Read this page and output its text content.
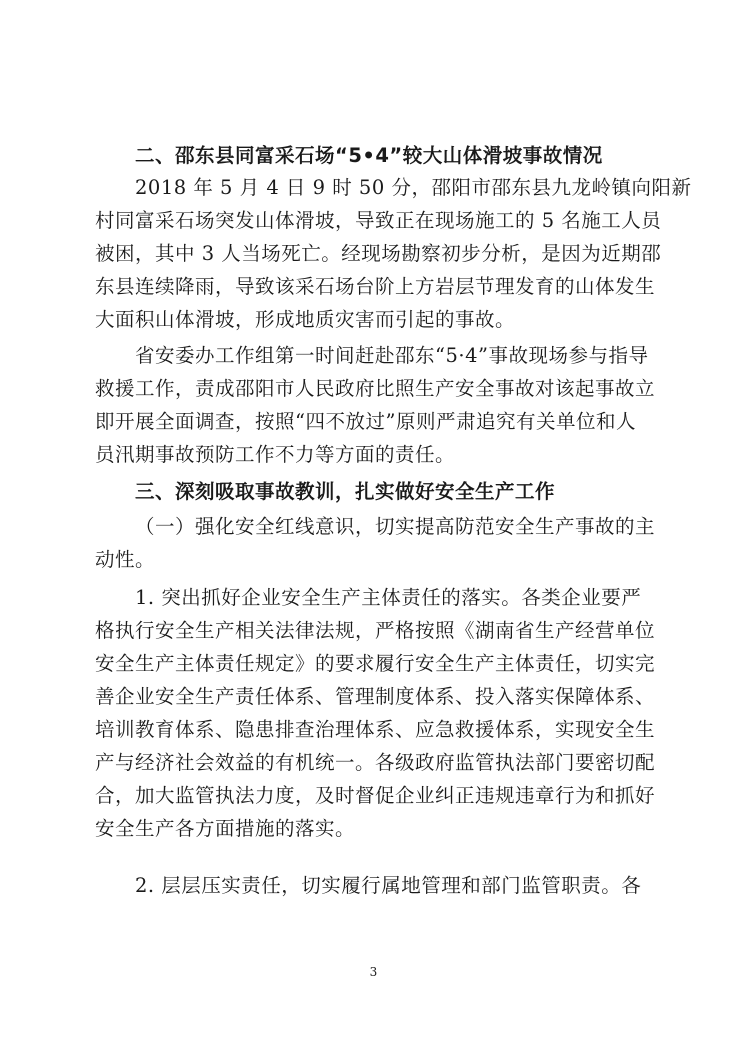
二、邵东县同富采石场“5•4”较大山体滑坡事故情况
2018 年 5 月 4 日 9 时 50 分，邵阳市邵东县九龙岭镇向阳新
村同富采石场突发山体滑坡，导致正在现场施工的 5 名施工人员
被困，其中 3 人当场死亡。经现场勘察初步分析，是因为近期邵
东县连续降雨，导致该采石场台阶上方岩层节理发育的山体发生
大面积山体滑坡，形成地质灾害而引起的事故。
省安委办工作组第一时间赶赴邵东“5·4”事故现场参与指导
救援工作，责成邵阳市人民政府比照生产安全事故对该起事故立
即开展全面调查，按照“四不放过”原则严肃追究有关单位和人
员汛期事故预防工作不力等方面的责任。
三、深刻吸取事故教训，扎实做好安全生产工作
（一）强化安全红线意识，切实提高防范安全生产事故的主
动性。
1. 突出抓好企业安全生产主体责任的落实。各类企业要严
格执行安全生产相关法律法规，严格按照《湖南省生产经营单位
安全生产主体责任规定》的要求履行安全生产主体责任，切实完
善企业安全生产责任体系、管理制度体系、投入落实保障体系、
培训教育体系、隐患排查治理体系、应急救援体系，实现安全生
产与经济社会效益的有机统一。各级政府监管执法部门要密切配
合，加大监管执法力度，及时督促企业纠正违规违章行为和抓好
安全生产各方面措施的落实。
2. 层层压实责任，切实履行属地管理和部门监管职责。各
3
